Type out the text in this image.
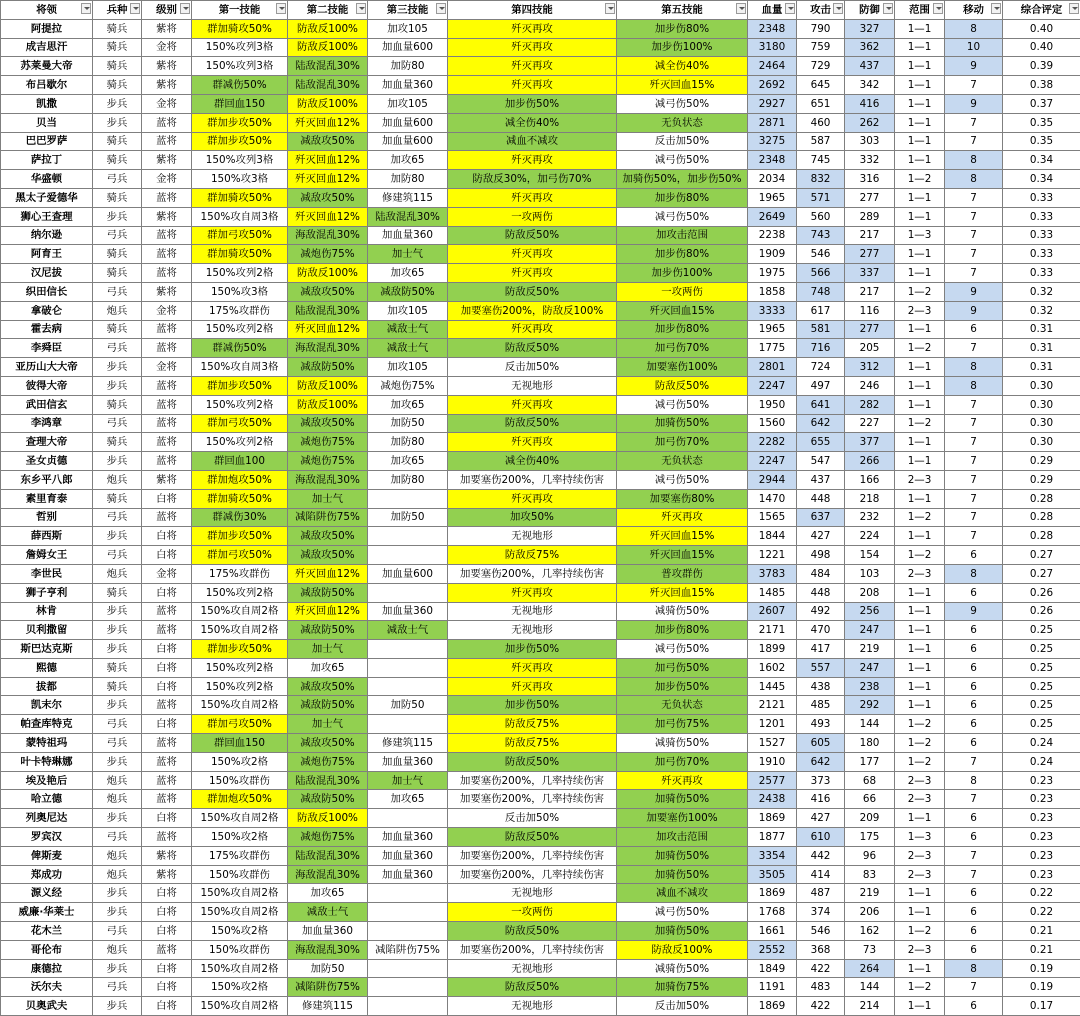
将领	兵种	级别	第一技能	第二技能	第三技能	第四技能	第五技能	血量	攻击	防御	范围	移动	综合评定

阿提拉	骑兵	紫将	群加骑攻50%	防敌反100%	加攻105	歼灭再攻	加步伤80%	2348	790	327	1—1	8	0.40
成吉思汗	骑兵	金将	150%攻列3格	防敌反100%	加血量600	歼灭再攻	加步伤100%	3180	759	362	1—1	10	0.40
苏莱曼大帝	骑兵	紫将	150%攻列3格	陆敌混乱30%	加防80	歼灭再攻	减全伤40%	2464	729	437	1—1	9	0.39
布吕歇尔	骑兵	紫将	群减伤50%	陆敌混乱30%	加血量360	歼灭再攻	歼灭回血15%	2692	645	342	1—1	7	0.38
凯撒	步兵	金将	群回血150	防敌反100%	加攻105	加步伤50%	减弓伤50%	2927	651	416	1—1	9	0.37
贝当	步兵	蓝将	群加步攻50%	歼灭回血12%	加血量600	减全伤40%	无负状态	2871	460	262	1—1	7	0.35
巴巴罗萨	骑兵	蓝将	群加步攻50%	减敌攻50%	加血量600	减血不减攻	反击加50%	3275	587	303	1—1	7	0.35
萨拉丁	骑兵	紫将	150%攻列3格	歼灭回血12%	加攻65	歼灭再攻	减弓伤50%	2348	745	332	1—1	8	0.34
华盛顿	弓兵	金将	150%攻3格	歼灭回血12%	加防80	防敌反30%，加弓伤70%	加骑伤50%，加步伤50%	2034	832	316	1—2	8	0.34
黑太子爱德华	骑兵	蓝将	群加骑攻50%	减敌攻50%	修建筑115	歼灭再攻	加步伤80%	1965	571	277	1—1	7	0.33
狮心王查理	步兵	紫将	150%攻自周3格	歼灭回血12%	陆敌混乱30%	一攻两伤	减弓伤50%	2649	560	289	1—1	7	0.33
纳尔逊	弓兵	蓝将	群加弓攻50%	海敌混乱30%	加血量360	防敌反50%	加攻击范围	2238	743	217	1—3	7	0.33
阿育王	骑兵	蓝将	群加骑攻50%	减炮伤75%	加士气	歼灭再攻	加步伤80%	1909	546	277	1—1	7	0.33
汉尼拔	骑兵	蓝将	150%攻列2格	防敌反100%	加攻65	歼灭再攻	加步伤100%	1975	566	337	1—1	7	0.33
织田信长	弓兵	紫将	150%攻3格	减敌攻50%	减敌防50%	防敌反50%	一攻两伤	1858	748	217	1—2	9	0.32
拿破仑	炮兵	金将	175%攻群伤	陆敌混乱30%	加攻105	加要塞伤200%，防敌反100%	歼灭回血15%	3333	617	116	2—3	9	0.32
霍去病	骑兵	蓝将	150%攻列2格	歼灭回血12%	减敌士气	歼灭再攻	加步伤80%	1965	581	277	1—1	6	0.31
李舜臣	弓兵	蓝将	群减伤50%	海敌混乱30%	减敌士气	防敌反50%	加弓伤70%	1775	716	205	1—2	7	0.31
亚历山大大帝	步兵	金将	150%攻自周3格	减敌防50%	加攻105	反击加50%	加要塞伤100%	2801	724	312	1—1	8	0.31
彼得大帝	步兵	蓝将	群加步攻50%	防敌反100%	减炮伤75%	无视地形	防敌反50%	2247	497	246	1—1	8	0.30
武田信玄	骑兵	蓝将	150%攻列2格	防敌反100%	加攻65	歼灭再攻	减弓伤50%	1950	641	282	1—1	7	0.30
李鸿章	弓兵	蓝将	群加弓攻50%	减敌攻50%	加防50	防敌反50%	加骑伤50%	1560	642	227	1—2	7	0.30
查理大帝	骑兵	蓝将	150%攻列2格	减炮伤75%	加防80	歼灭再攻	加弓伤70%	2282	655	377	1—1	7	0.30
圣女贞德	步兵	蓝将	群回血100	减炮伤75%	加攻65	减全伤40%	无负状态	2247	547	266	1—1	7	0.29
东乡平八郎	炮兵	紫将	群加炮攻50%	海敌混乱30%	加防80	加要塞伤200%，几率持续伤害	减弓伤50%	2944	437	166	2—3	7	0.29
素里育泰	骑兵	白将	群加骑攻50%	加士气		歼灭再攻	加要塞伤80%	1470	448	218	1—1	7	0.28
哲别	弓兵	蓝将	群减伤30%	减陷阱伤75%	加防50	加攻50%	歼灭再攻	1565	637	232	1—2	7	0.28
薛西斯	步兵	白将	群加步攻50%	减敌攻50%		无视地形	歼灭回血15%	1844	427	224	1—1	7	0.28
詹姆女王	弓兵	白将	群加弓攻50%	减敌攻50%		防敌反75%	歼灭回血15%	1221	498	154	1—2	6	0.27
李世民	炮兵	金将	175%攻群伤	歼灭回血12%	加血量600	加要塞伤200%，几率持续伤害	普攻群伤	3783	484	103	2—3	8	0.27
狮子亨利	骑兵	白将	150%攻列2格	减敌防50%		歼灭再攻	歼灭回血15%	1485	448	208	1—1	6	0.26
林肯	步兵	蓝将	150%攻自周2格	歼灭回血12%	加血量360	无视地形	减骑伤50%	2607	492	256	1—1	9	0.26
贝利撒留	步兵	蓝将	150%攻自周2格	减敌防50%	减敌士气	无视地形	加步伤80%	2171	470	247	1—1	6	0.25
斯巴达克斯	步兵	白将	群加步攻50%	加士气		加步伤50%	减弓伤50%	1899	417	219	1—1	6	0.25
熙德	骑兵	白将	150%攻列2格	加攻65		歼灭再攻	加弓伤50%	1602	557	247	1—1	6	0.25
拔都	骑兵	白将	150%攻列2格	减敌攻50%		歼灭再攻	加步伤50%	1445	438	238	1—1	6	0.25
凯末尔	步兵	蓝将	150%攻自周2格	减敌防50%	加防50	加步伤50%	无负状态	2121	485	292	1—1	6	0.25
帕查库特克	弓兵	白将	群加弓攻50%	加士气		防敌反75%	加弓伤75%	1201	493	144	1—2	6	0.25
蒙特祖玛	弓兵	蓝将	群回血150	减敌攻50%	修建筑115	防敌反75%	减骑伤50%	1527	605	180	1—2	6	0.24
叶卡特琳娜	步兵	蓝将	150%攻2格	减炮伤75%	加血量360	防敌反50%	加弓伤70%	1910	642	177	1—2	7	0.24
埃及艳后	炮兵	蓝将	150%攻群伤	陆敌混乱30%	加士气	加要塞伤200%，几率持续伤害	歼灭再攻	2577	373	68	2—3	8	0.23
哈立德	炮兵	蓝将	群加炮攻50%	减敌防50%	加攻65	加要塞伤200%，几率持续伤害	加骑伤50%	2438	416	66	2—3	7	0.23
列奥尼达	步兵	白将	150%攻自周2格	防敌反100%		反击加50%	加要塞伤100%	1869	427	209	1—1	6	0.23
罗宾汉	弓兵	蓝将	150%攻2格	减炮伤75%	加血量360	防敌反50%	加攻击范围	1877	610	175	1—3	6	0.23
俾斯麦	炮兵	紫将	175%攻群伤	陆敌混乱30%	加血量360	加要塞伤200%，几率持续伤害	加骑伤50%	3354	442	96	2—3	7	0.23
郑成功	炮兵	紫将	150%攻群伤	海敌混乱30%	加血量360	加要塞伤200%，几率持续伤害	加骑伤50%	3505	414	83	2—3	7	0.23
源义经	步兵	白将	150%攻自周2格	加攻65		无视地形	减血不减攻	1869	487	219	1—1	6	0.22
威廉·华莱士	步兵	白将	150%攻自周2格	减敌士气		一攻两伤	减弓伤50%	1768	374	206	1—1	6	0.22
花木兰	弓兵	白将	150%攻2格	加血量360		防敌反50%	加骑伤50%	1661	546	162	1—2	6	0.21
哥伦布	炮兵	蓝将	150%攻群伤	海敌混乱30%	减陷阱伤75%	加要塞伤200%，几率持续伤害	防敌反100%	2552	368	73	2—3	6	0.21
康德拉	步兵	白将	150%攻自周2格	加防50		无视地形	减骑伤50%	1849	422	264	1—1	8	0.19
沃尔夫	弓兵	白将	150%攻2格	减陷阱伤75%		防敌反50%	加骑伤75%	1191	483	144	1—2	7	0.19
贝奥武夫	步兵	白将	150%攻自周2格	修建筑115		无视地形	反击加50%	1869	422	214	1—1	6	0.17
